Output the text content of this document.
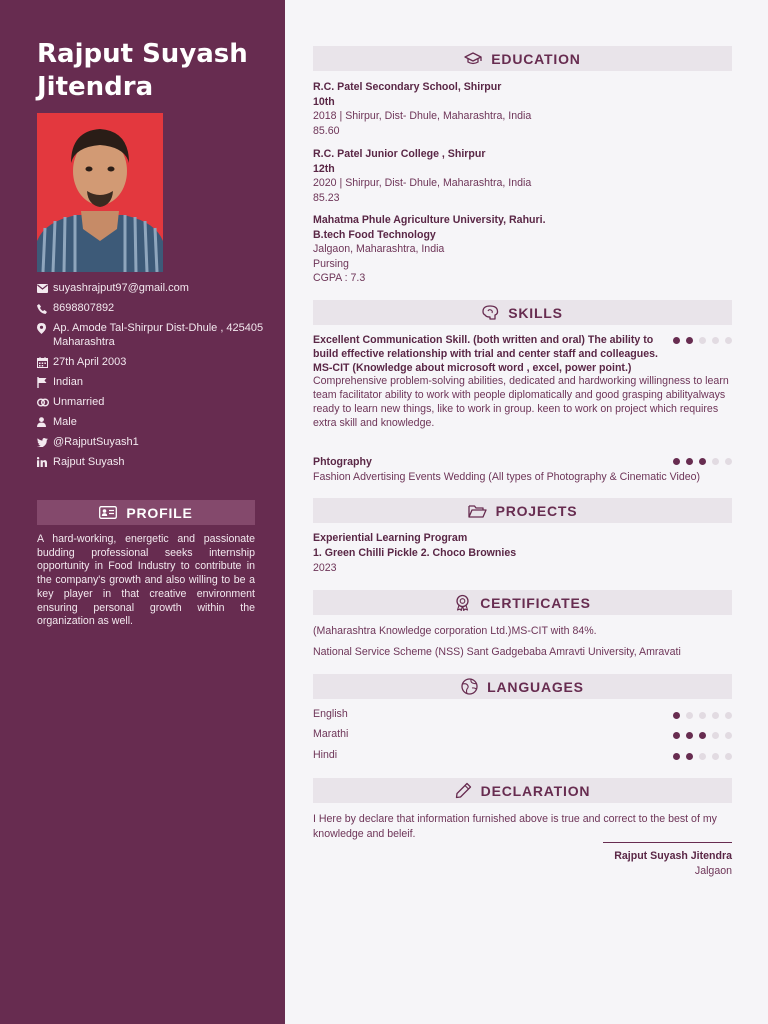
Rajput Suyash Jitendra
suyashrajput97@gmail.com
8698807892
Ap. Amode Tal-Shirpur Dist-Dhule , 425405 Maharashtra
27th April 2003
Indian
Unmarried
Male
@RajputSuyash1
Rajput Suyash
PROFILE
A hard-working, energetic and passionate budding professional seeks internship opportunity in Food Industry to contribute in the company's growth and also willing to be a key player in that creative environment ensuring personal growth within the organization as well.
EDUCATION
R.C. Patel Secondary School, Shirpur
10th
2018 | Shirpur, Dist- Dhule, Maharashtra, India
85.60
R.C. Patel Junior College , Shirpur
12th
2020 | Shirpur, Dist- Dhule, Maharashtra, India
85.23
Mahatma Phule Agriculture University, Rahuri.
B.tech Food Technology
Jalgaon, Maharashtra, India
Pursing
CGPA : 7.3
SKILLS
Excellent Communication Skill. (both written and oral) The ability to build effective relationship with trial and center staff and colleagues. MS-CIT (Knowledge about microsoft word , excel, power point.)
Comprehensive problem-solving abilities, dedicated and hardworking willingness to learn team facilitator ability to work with people diplomatically and good grasping abilityalways ready to learn new things, like to work in group. keen to work on project which requires extra skill and knowledge.
Phtography
Fashion Advertising Events Wedding (All types of Photography & Cinematic Video)
PROJECTS
Experiential Learning Program
1. Green Chilli Pickle 2. Choco Brownies
2023
CERTIFICATES
(Maharashtra Knowledge corporation Ltd.)MS-CIT with 84%.
National Service Scheme (NSS) Sant Gadgebaba Amravti University, Amravati
LANGUAGES
English
Marathi
Hindi
DECLARATION
I Here by declare that information furnished above is true and correct to the best of my knowledge and beleif.
Rajput Suyash Jitendra
Jalgaon
